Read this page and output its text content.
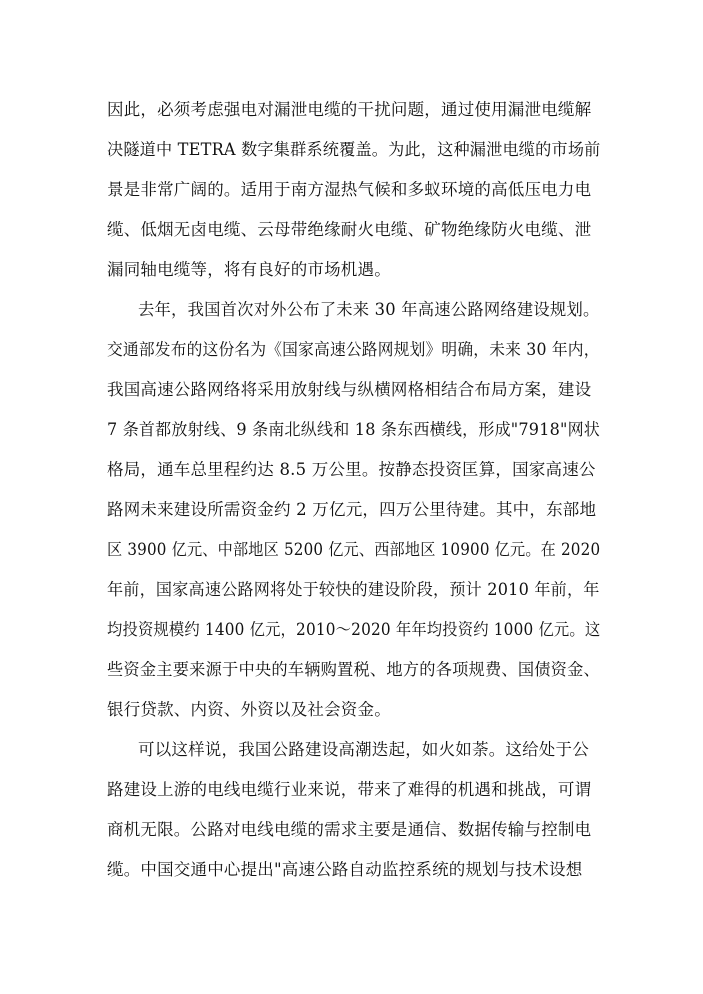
因此，必须考虑强电对漏泄电缆的干扰问题，通过使用漏泄电缆解
决隧道中 TETRA 数字集群系统覆盖。为此，这种漏泄电缆的市场前
景是非常广阔的。适用于南方湿热气候和多蚁环境的高低压电力电
缆、低烟无卤电缆、云母带绝缘耐火电缆、矿物绝缘防火电缆、泄
漏同轴电缆等，将有良好的市场机遇。
去年，我国首次对外公布了未来 30 年高速公路网络建设规划。
交通部发布的这份名为《国家高速公路网规划》明确，未来 30 年内，
我国高速公路网络将采用放射线与纵横网格相结合布局方案，建设
7 条首都放射线、9 条南北纵线和 18 条东西横线，形成"7918"网状
格局，通车总里程约达 8.5 万公里。按静态投资匡算，国家高速公
路网未来建设所需资金约 2 万亿元，四万公里待建。其中，东部地
区 3900 亿元、中部地区 5200 亿元、西部地区 10900 亿元。在 2020
年前，国家高速公路网将处于较快的建设阶段，预计 2010 年前，年
均投资规模约 1400 亿元，2010～2020 年年均投资约 1000 亿元。这
些资金主要来源于中央的车辆购置税、地方的各项规费、国债资金、
银行贷款、内资、外资以及社会资金。
可以这样说，我国公路建设高潮迭起，如火如荼。这给处于公
路建设上游的电线电缆行业来说，带来了难得的机遇和挑战，可谓
商机无限。公路对电线电缆的需求主要是通信、数据传输与控制电
缆。中国交通中心提出"高速公路自动监控系统的规划与技术设想
